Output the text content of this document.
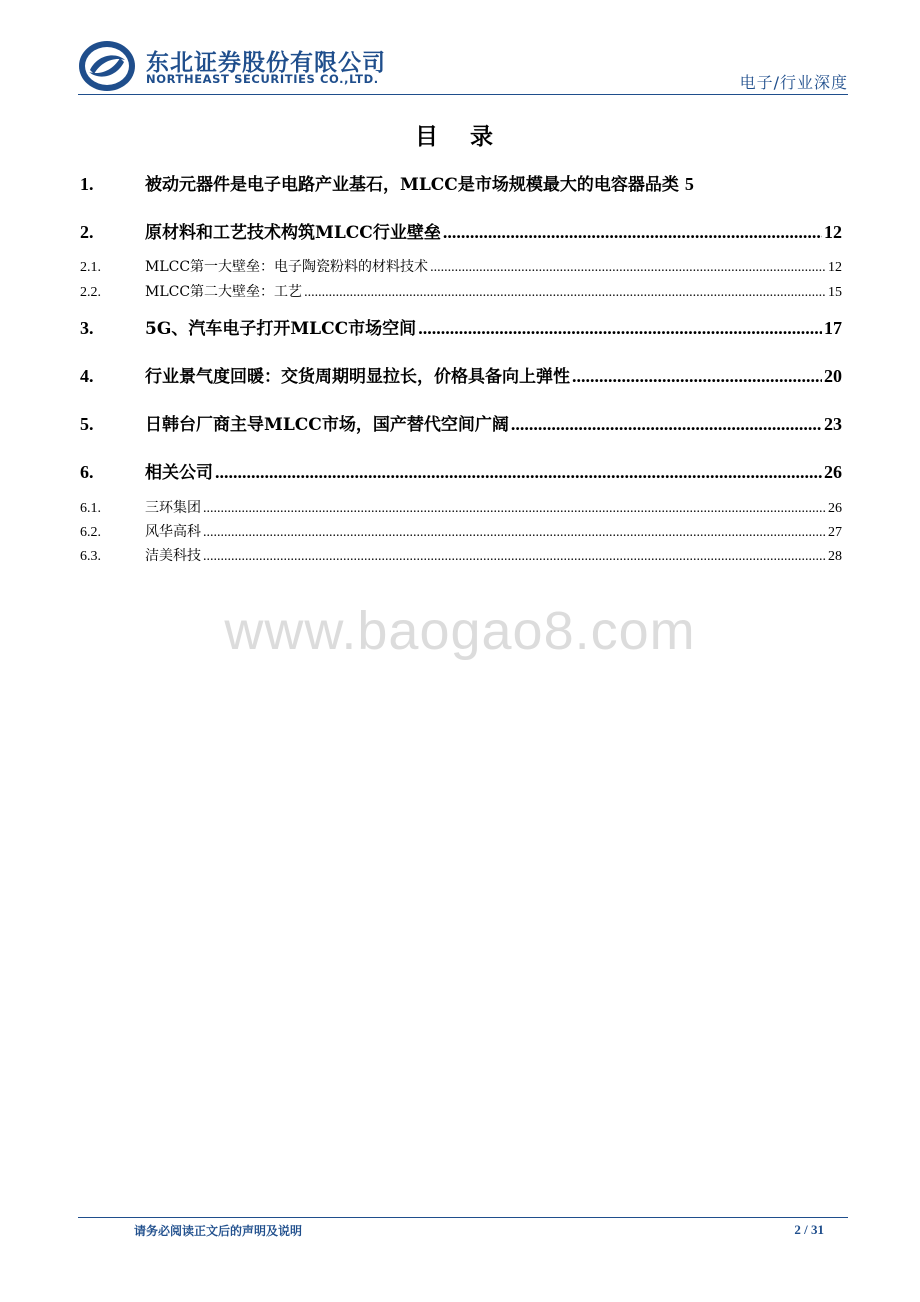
东北证券股份有限公司
NORTHEAST SECURITIES CO.,LTD.	电子/行业深度
目 录
1.	被动元器件是电子电路产业基石，MLCC是市场规模最大的电容器品类 5
2.	原材料和工艺技术构筑MLCC行业壁垒 .....	12
2.1.	MLCC第一大壁垒：电子陶瓷粉料的材料技术 .....	12
2.2.	MLCC第二大壁垒：工艺 .....	15
3.	5G、汽车电子打开MLCC市场空间 .....	17
4.	行业景气度回暖：交货周期明显拉长，价格具备向上弹性 .....	20
5.	日韩台厂商主导MLCC市场，国产替代空间广阔 .....	23
6.	相关公司 .....	26
6.1.	三环集团 .....	26
6.2.	风华高科 .....	27
6.3.	洁美科技 .....	28
www.baogao8.com
请务必阅读正文后的声明及说明	2 / 31
